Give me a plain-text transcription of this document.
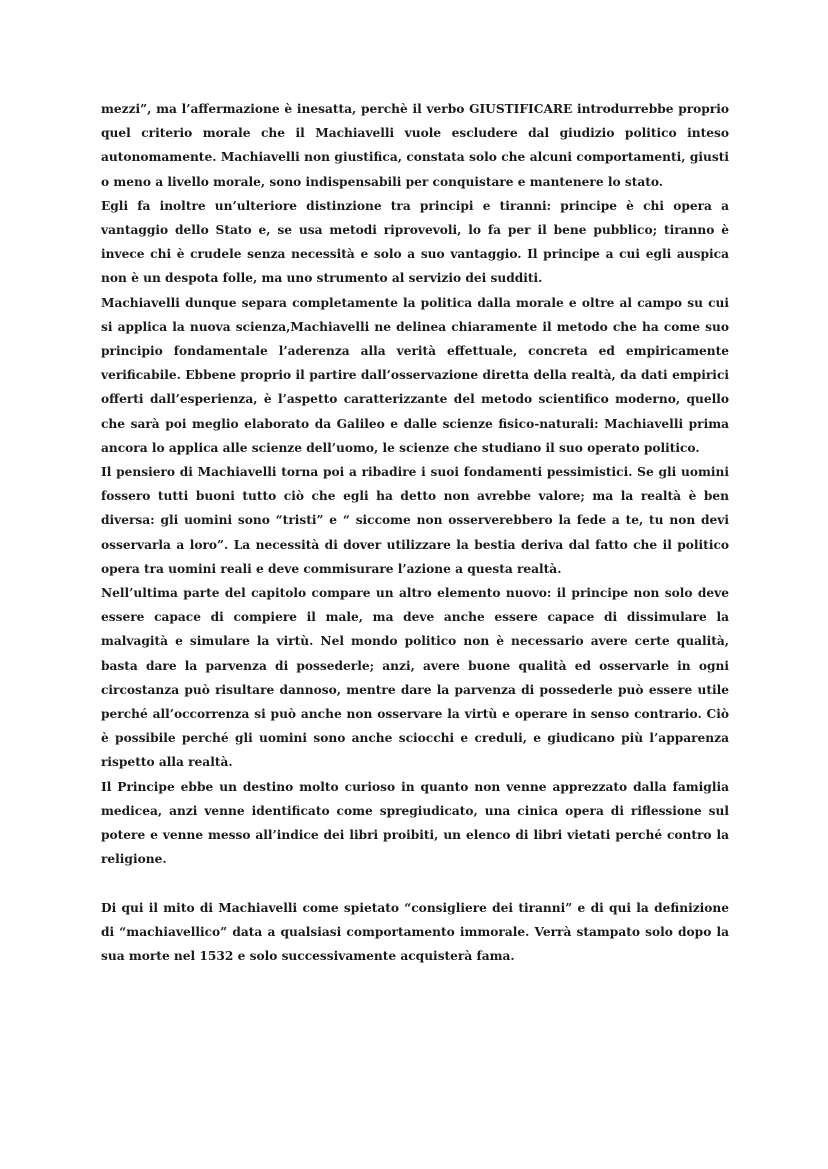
mezzi”, ma l’affermazione è inesatta, perchè il verbo GIUSTIFICARE introdurrebbe proprio quel criterio morale che il Machiavelli vuole escludere dal giudizio politico inteso autonomamente. Machiavelli non giustifica, constata solo che alcuni comportamenti, giusti o meno a livello morale, sono indispensabili per conquistare e mantenere lo stato.

Egli fa inoltre un’ulteriore distinzione tra principi e tiranni: principe è chi opera a vantaggio dello Stato e, se usa metodi riprovevoli, lo fa per il bene pubblico; tiranno è invece chi è crudele senza necessità e solo a suo vantaggio. Il principe a cui egli auspica non è un despota folle, ma uno strumento al servizio dei sudditi.

Machiavelli dunque separa completamente la politica dalla morale e oltre al campo su cui si applica la nuova scienza,Machiavelli ne delinea chiaramente il metodo che ha come suo principio fondamentale l’aderenza alla verità effettuale, concreta ed empiricamente verificabile. Ebbene proprio il partire dall’osservazione diretta della realtà, da dati empirici offerti dall’esperienza, è l’aspetto caratterizzante del metodo scientifico moderno, quello che sarà poi meglio elaborato da Galileo e dalle scienze fisico-naturali: Machiavelli prima ancora lo applica alle scienze dell’uomo, le scienze che studiano il suo operato politico.

Il pensiero di Machiavelli torna poi a ribadire i suoi fondamenti pessimistici. Se gli uomini fossero tutti buoni tutto ciò che egli ha detto non avrebbe valore; ma la realtà è ben diversa: gli uomini sono “tristi” e “ siccome non osserverebbero la fede a te, tu non devi osservarla a loro”. La necessità di dover utilizzare la bestia deriva dal fatto che il politico opera tra uomini reali e deve commisurare l’azione a questa realtà.

Nell’ultima parte del capitolo compare un altro elemento nuovo: il principe non solo deve essere capace di compiere il male, ma deve anche essere capace di dissimulare la malvagità e simulare la virtù. Nel mondo politico non è necessario avere certe qualità, basta dare la parvenza di possederle; anzi, avere buone qualità ed osservarle in ogni circostanza può risultare dannoso, mentre dare la parvenza di possederle può essere utile perché all’occorrenza si può anche non osservare la virtù e operare in senso contrario. Ciò è possibile perché gli uomini sono anche sciocchi e creduli, e giudicano più l’apparenza rispetto alla realtà.

Il Principe ebbe un destino molto curioso in quanto non venne apprezzato dalla famiglia medicea, anzi venne identificato come spregiudicato, una cinica opera di riflessione sul potere e venne messo all’indice dei libri proibiti, un elenco di libri vietati perché contro la religione.

Di qui il mito di Machiavelli come spietato “consigliere dei tiranni” e di qui la definizione di “machiavellico” data a qualsiasi comportamento immorale. Verrà stampato solo dopo la sua morte nel 1532 e solo successivamente acquisterà fama.
